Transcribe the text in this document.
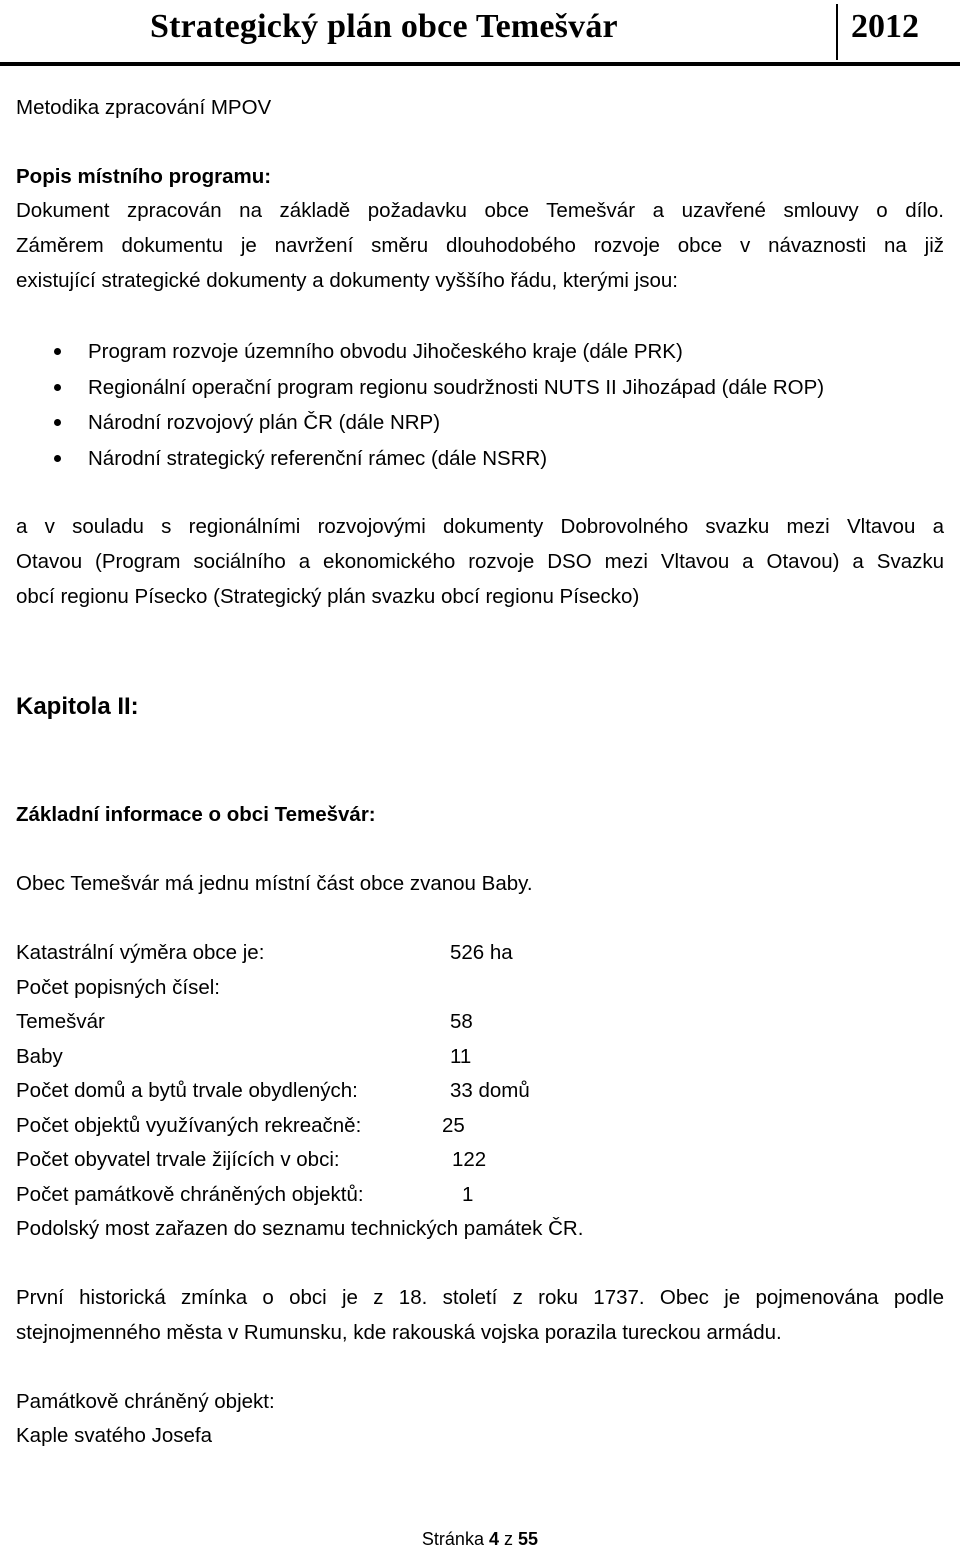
Strategický plán obce Temešvár	2012
Metodika zpracování MPOV
Popis místního programu:
Dokument zpracován na základě požadavku obce Temešvár a uzavřené smlouvy o dílo.
Záměrem dokumentu je navržení směru dlouhodobého rozvoje obce v návaznosti na již
existující strategické dokumenty a dokumenty vyššího řádu, kterými jsou:
Program rozvoje územního obvodu Jihočeského kraje (dále PRK)
Regionální operační program regionu soudržnosti NUTS II Jihozápad (dále ROP)
Národní rozvojový plán ČR (dále NRP)
Národní strategický referenční rámec (dále NSRR)
a v souladu s regionálními rozvojovými dokumenty Dobrovolného svazku mezi Vltavou a
Otavou (Program sociálního a ekonomického rozvoje DSO mezi Vltavou a Otavou) a Svazku
obcí regionu Písecko (Strategický plán svazku obcí regionu Písecko)
Kapitola II:
Základní informace o obci Temešvár:
Obec Temešvár má jednu místní část obce zvanou Baby.
Katastrální výměra obce je:	526 ha
Počet popisných čísel:
Temešvár	58
Baby	11
Počet domů a bytů trvale obydlených:	33 domů
Počet objektů využívaných rekreačně:	25
Počet obyvatel trvale žijících v obci:	122
Počet památkově chráněných objektů:	1
Podolský most zařazen do seznamu technických památek ČR.
První historická zmínka o obci je z 18. století z roku 1737. Obec je pojmenována podle
stejnojmenného města v Rumunsku, kde rakouská vojska porazila tureckou armádu.
Památkově chráněný objekt:
Kaple svatého Josefa
Stránka 4 z 55
